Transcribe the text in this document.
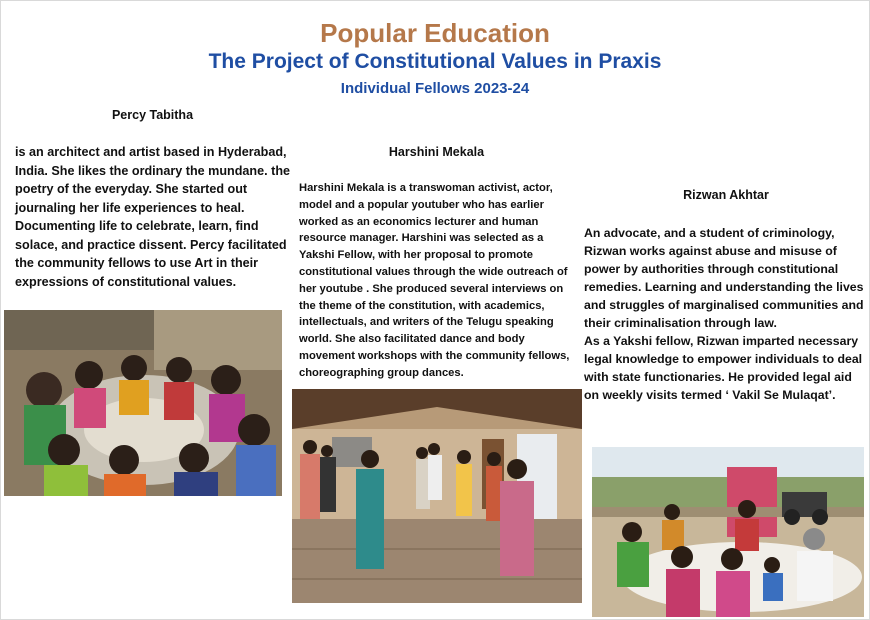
Popular Education
The Project of Constitutional Values in Praxis
Individual Fellows 2023-24

Percy Tabitha

is an architect and artist based in Hyderabad, India. She likes the ordinary the mundane. the poetry of the everyday. She started out journaling her life experiences to heal. Documenting life to celebrate, learn, find solace, and practice dissent. Percy facilitated the community fellows to use Art in their expressions of constitutional values.

Harshini Mekala

Harshini Mekala is a transwoman activist, actor, model and a popular youtuber who has earlier worked as an economics lecturer and human resource manager. Harshini was selected as a Yakshi Fellow, with her proposal to promote constitutional values through the wide outreach of her youtube . She produced several interviews on the theme of the constitution, with academics, intellectuals, and writers of the Telugu speaking world. She also facilitated dance and body movement workshops with the community fellows, choreographing group dances.

Rizwan Akhtar

An advocate, and a student of criminology, Rizwan works against abuse and misuse of power by authorities through constitutional remedies. Learning and understanding the lives and struggles of marginalised communities and their criminalisation through law.
As a Yakshi fellow, Rizwan imparted necessary legal knowledge to empower individuals to deal with state functionaries. He provided legal aid on weekly visits termed ‘ Vakil Se Mulaqat’.
